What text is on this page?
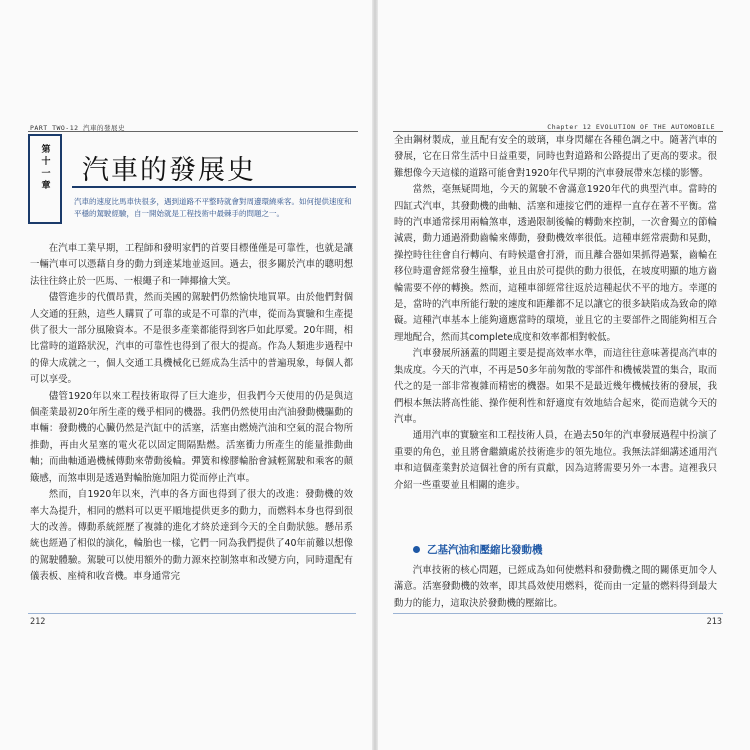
PART TWO-12 汽車的發展史	Chapter 12 EVOLUTION OF THE AUTOMOBILE
第十一章 汽車的發展史
汽車的速度比馬車快很多，遇到道路不平整時就會對周邊環繞乘客。如何提供速度和平穩的駕駛經驗，自一開始就是工程技術中最棘手的問題之一。

在汽車工業早期，工程師和發明家們的首要目標僅僅是可靠性，也就是讓一輛汽車可以憑藉自身的動力到達某地並返回。過去，很多關於汽車的聰明想法往往終止於一匹馬、一根繩子和一陣揶揄大笑。

儘管進步的代價昂貴，然而美國的駕駛們仍然愉快地買單。由於他們對個人交通的狂熱，這些人購買了可靠的或是不可靠的汽車，從而為實驗和生產提供了很大一部分風險資本。不是很多產業都能得到客戶如此厚愛。20年間，相比當時的道路狀況，汽車的可靠性也得到了很大的提高。作為人類進步過程中的偉大成就之一，個人交通工具機械化已經成為生活中的普遍現象，每個人都可以享受。

儘管1920年以來工程技術取得了巨大進步，但我們今天使用的仍是與這個產業最初20年所生產的幾乎相同的機器。我們仍然使用由汽油發動機驅動的車輛：發動機的心臟仍然是汽缸中的活塞，活塞由燃燒汽油和空氣的混合物所推動，再由火星塞的電火花以固定間隔點燃。活塞衝力所產生的能量推動曲軸；而曲軸通過機械傳動來帶動後輪。彈簧和橡膠輪胎會減輕駕駛和乘客的顛簸感，而煞車則是透過對輪胎施加阻力從而停止汽車。

然而，自1920年以來，汽車的各方面也得到了很大的改進：發動機的效率大為提升，相同的燃料可以更平順地提供更多的動力，而燃料本身也得到很大的改善。傳動系統經歷了複雜的進化才終於達到今天的全自動狀態。懸吊系統也經過了相似的演化，輪胎也一樣，它們一同為我們提供了40年前難以想像的駕駛體驗。駕駛可以使用額外的動力源來控制煞車和改變方向，同時還配有儀表板、座椅和收音機。車身通常完

全由鋼材製成，並且配有安全的玻璃，車身閃耀在各種色調之中。隨著汽車的發展，它在日常生活中日益重要，同時也對道路和公路提出了更高的要求。很難想像今天這樣的道路可能會對1920年代早期的汽車發展帶來怎樣的影響。

當然，毫無疑問地，今天的駕駛不會滿意1920年代的典型汽車。當時的四缸式汽車，其發動機的曲軸、活塞和連接它們的連桿一直存在著不平衡。當時的汽車通常採用兩輪煞車，透過限制後輪的轉動來控制，一次會獨立的節輪減震，動力通過滑動齒輪來傳動，發動機效率很低。這種車經常震動和晃動，操控時往往會自行轉向、有時候還會打滑，而且離合器如果抓得過緊，齒輪在移位時還會經常發生撞擊，並且由於可提供的動力很低，在坡度明顯的地方齒輪需要不停的轉換。然而，這種車卻經常往返於這種起伏不平的地方。幸運的是，當時的汽車所能行駛的速度和距離都不足以讓它的很多缺陷成為致命的障礙。這種汽車基本上能夠適應當時的環境，並且它的主要部件之間能夠相互合理地配合，然而其complete成度和效率都相對較低。

汽車發展所涵蓋的問題主要是提高效率水準，而這往往意味著提高汽車的集成度。今天的汽車，不再是50多年前匆散的零部件和機械裝置的集合，取而代之的是一部非常複雜而精密的機器。如果不是最近幾年機械技術的發展，我們根本無法將高性能、操作便利性和舒適度有效地結合起來，從而造就今天的汽車。

通用汽車的實驗室和工程技術人員，在過去50年的汽車發展過程中扮演了重要的角色，並且將會繼續處於技術進步的領先地位。我無法詳細講述通用汽車和這個產業對於這個社會的所有貢獻，因為這將需要另外一本書。這裡我只介紹一些重要並且相關的進步。

乙基汽油和壓縮比發動機

汽車技術的核心問題，已經成為如何使燃料和發動機之間的關係更加令人滿意。活塞發動機的效率，即其爲效使用燃料，從而由一定量的燃料得到最大動力的能力，這取決於發動機的壓縮比。

212	213
